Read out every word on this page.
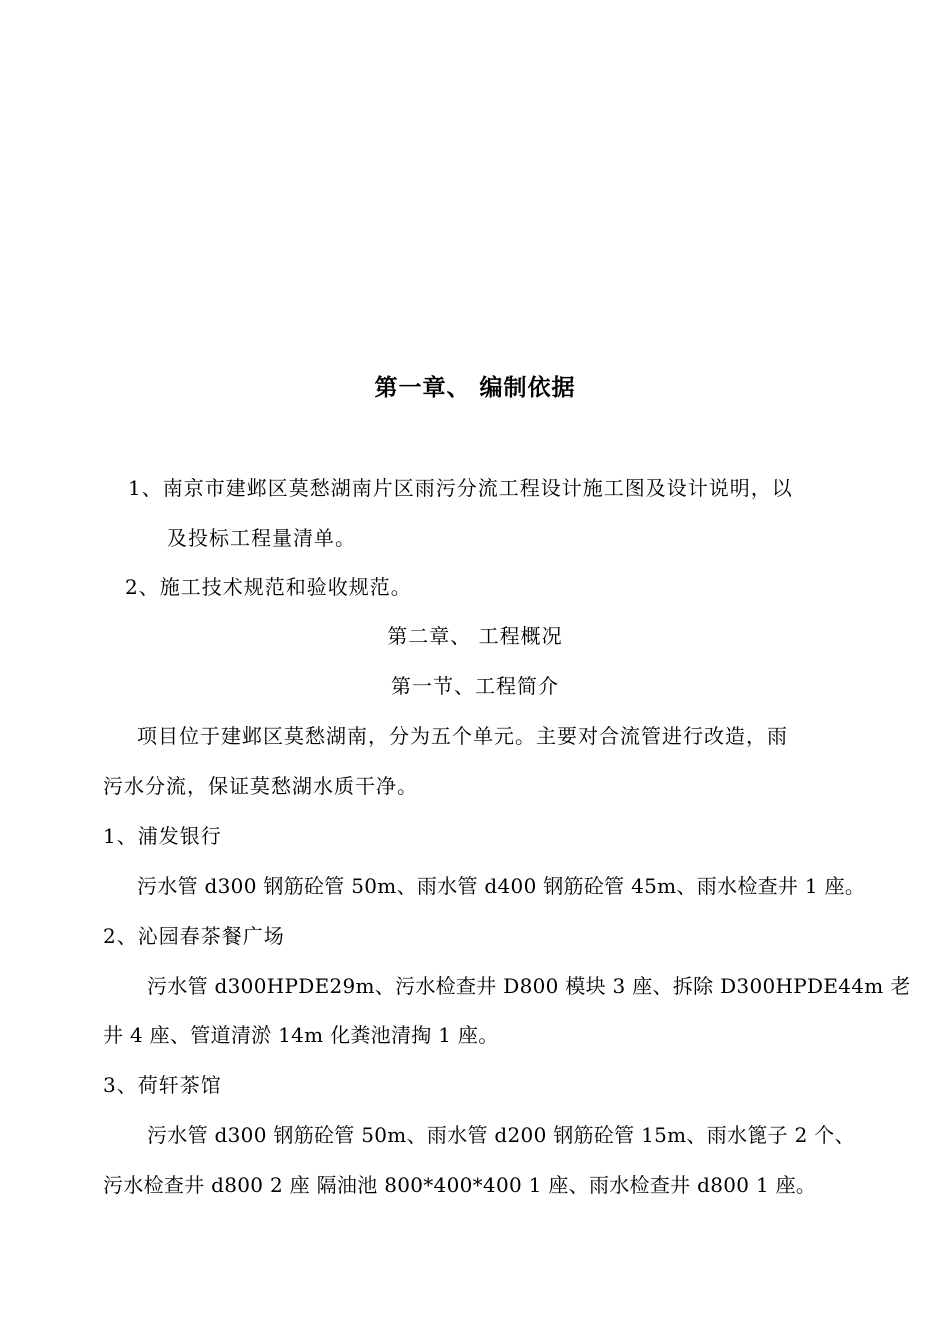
第一章、 编制依据
1、南京市建邺区莫愁湖南片区雨污分流工程设计施工图及设计说明，以
及投标工程量清单。
2、施工技术规范和验收规范。
第二章、 工程概况
第一节、工程简介
项目位于建邺区莫愁湖南，分为五个单元。主要对合流管进行改造，雨
污水分流，保证莫愁湖水质干净。
1、浦发银行
污水管 d300 钢筋砼管 50m、雨水管 d400 钢筋砼管 45m、雨水检查井 1 座。
2、沁园春茶餐广场
污水管 d300HPDE29m、污水检查井 D800 模块 3 座、拆除 D300HPDE44m 老
井 4 座、管道清淤 14m 化粪池清掏 1 座。
3、荷轩茶馆
污水管 d300 钢筋砼管 50m、雨水管 d200 钢筋砼管 15m、雨水篦子 2 个、
污水检查井 d800 2 座 隔油池 800*400*400 1 座、雨水检查井 d800 1 座。
